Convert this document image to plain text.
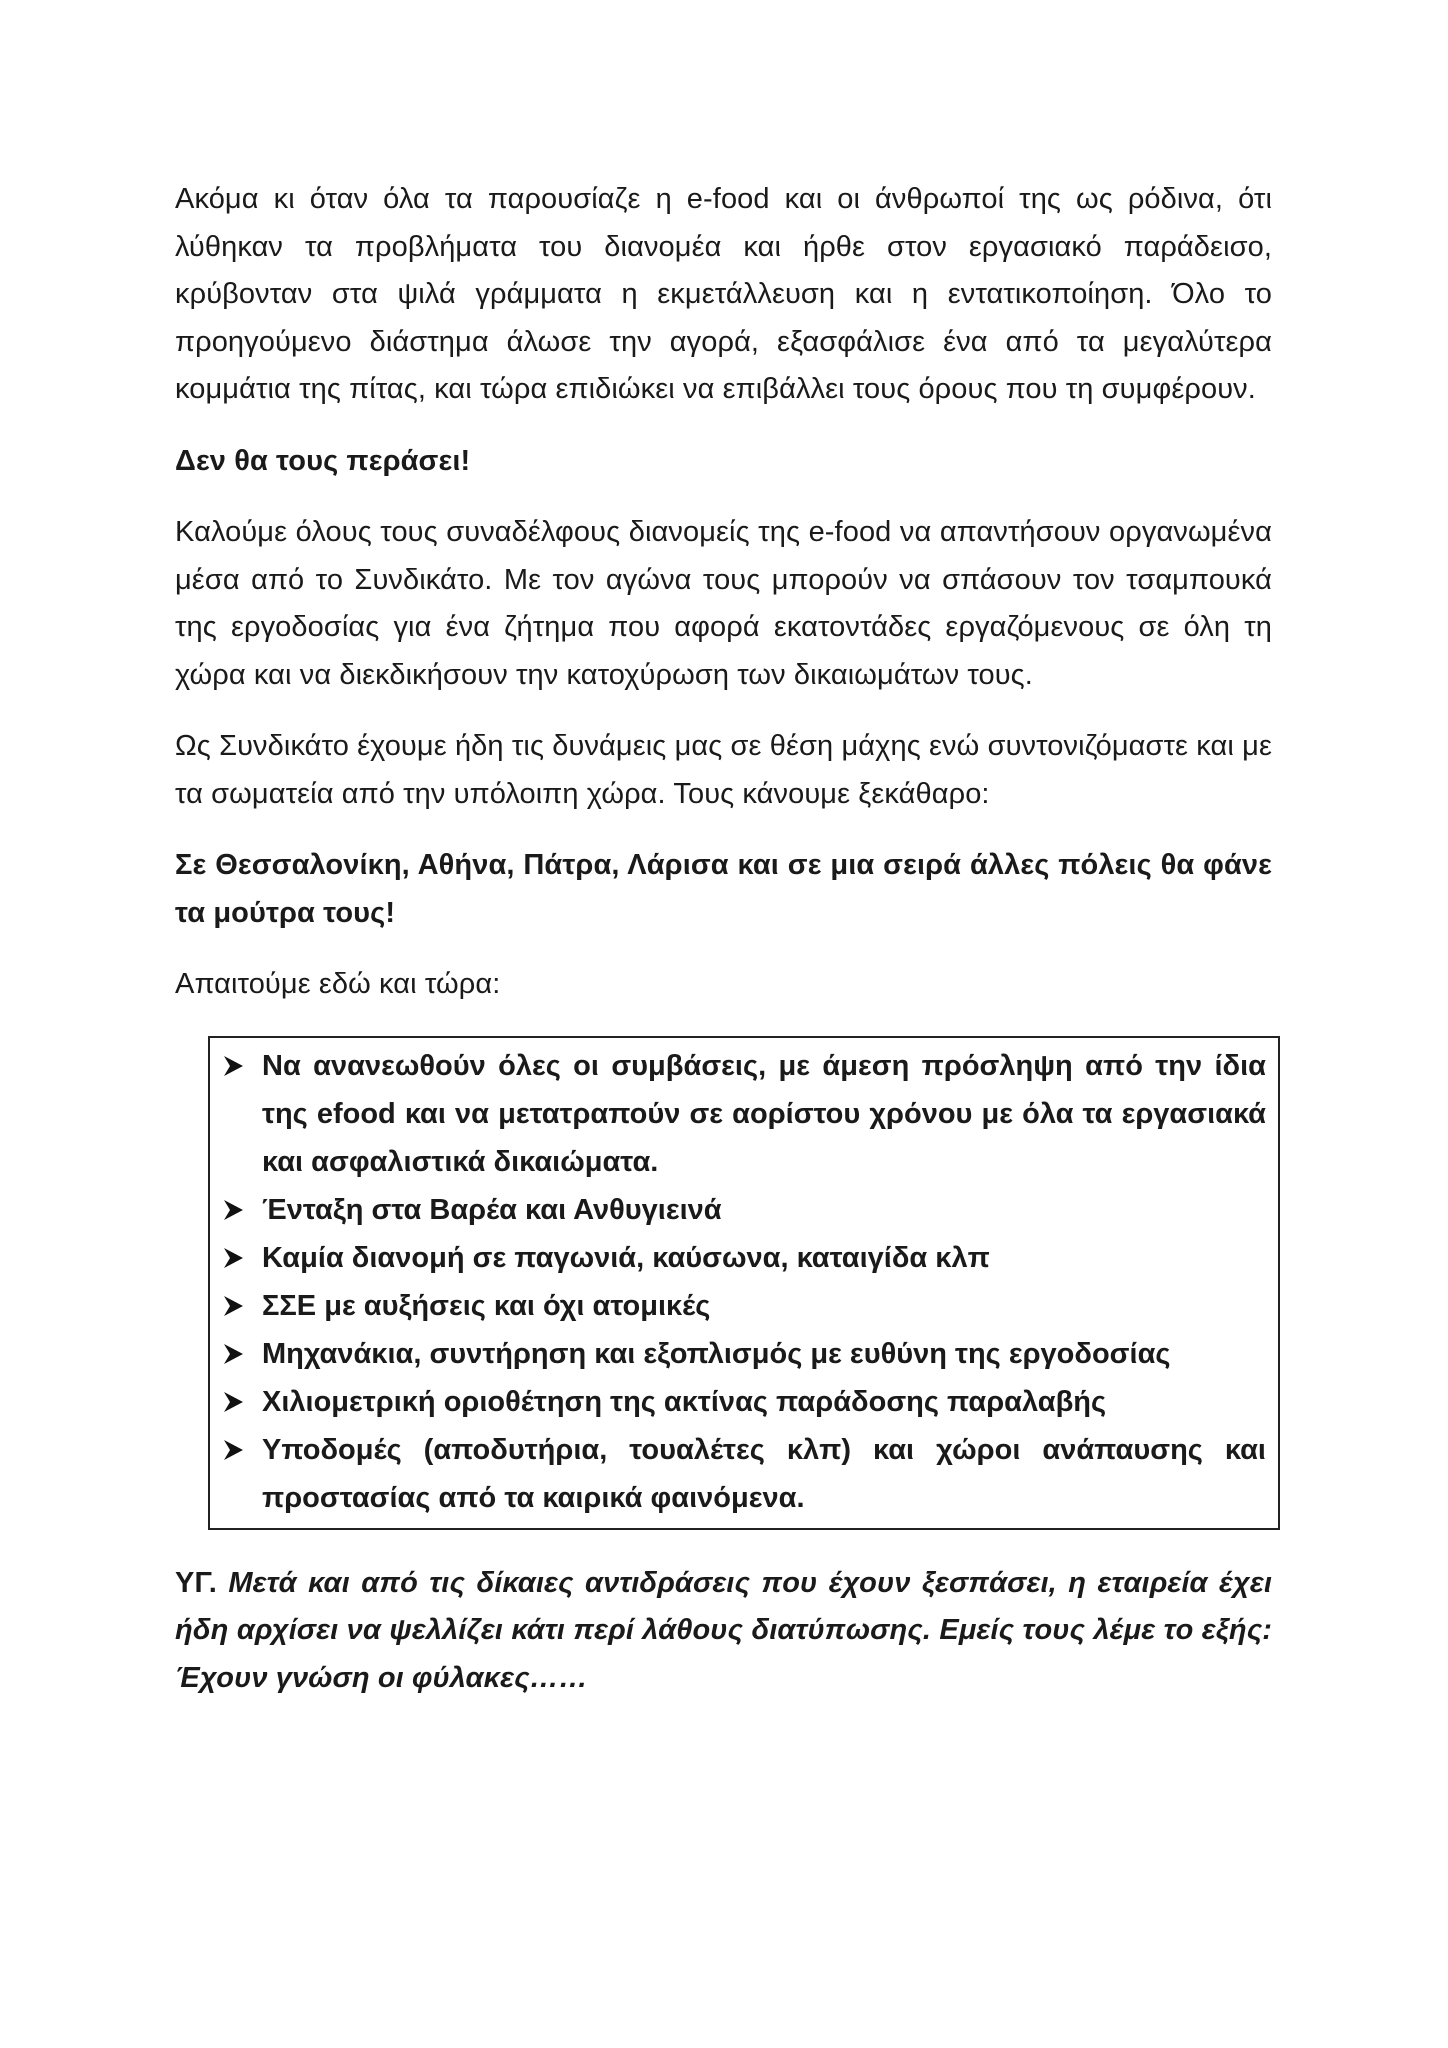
Ακόμα κι όταν όλα τα παρουσίαζε η e-food και οι άνθρωποί της ως ρόδινα, ότι λύθηκαν τα προβλήματα του διανομέα και ήρθε στον εργασιακό παράδεισο, κρύβονταν στα ψιλά γράμματα η εκμετάλλευση και η εντατικοποίηση. Όλο το προηγούμενο διάστημα άλωσε την αγορά, εξασφάλισε ένα από τα μεγαλύτερα κομμάτια της πίτας, και τώρα επιδιώκει να επιβάλλει τους όρους που τη συμφέρουν.

Δεν θα τους περάσει!

Καλούμε όλους τους συναδέλφους διανομείς της e-food να απαντήσουν οργανωμένα μέσα από το Συνδικάτο. Με τον αγώνα τους μπορούν να σπάσουν τον τσαμπουκά της εργοδοσίας για ένα ζήτημα που αφορά εκατοντάδες εργαζόμενους σε όλη τη χώρα και να διεκδικήσουν την κατοχύρωση των δικαιωμάτων τους.

Ως Συνδικάτο έχουμε ήδη τις δυνάμεις μας σε θέση μάχης ενώ συντονιζόμαστε και με τα σωματεία από την υπόλοιπη χώρα. Τους κάνουμε ξεκάθαρο:

Σε Θεσσαλονίκη, Αθήνα, Πάτρα, Λάρισα και σε μια σειρά άλλες πόλεις θα φάνε τα μούτρα τους!

Απαιτούμε εδώ και τώρα:

Να ανανεωθούν όλες οι συμβάσεις, με άμεση πρόσληψη από την ίδια της efood και να μετατραπούν σε αορίστου χρόνου με όλα τα εργασιακά και ασφαλιστικά δικαιώματα.
Ένταξη στα Βαρέα και Ανθυγιεινά
Καμία διανομή σε παγωνιά, καύσωνα, καταιγίδα κλπ
ΣΣΕ με αυξήσεις και όχι ατομικές
Μηχανάκια, συντήρηση και εξοπλισμός με ευθύνη της εργοδοσίας
Χιλιομετρική οριοθέτηση της ακτίνας παράδοσης παραλαβής
Υποδομές (αποδυτήρια, τουαλέτες κλπ) και χώροι ανάπαυσης και προστασίας από τα καιρικά φαινόμενα.

ΥΓ. Μετά και από τις δίκαιες αντιδράσεις που έχουν ξεσπάσει, η εταιρεία έχει ήδη αρχίσει να ψελλίζει κάτι περί λάθους διατύπωσης. Εμείς τους λέμε το εξής: Έχουν γνώση οι φύλακες……
